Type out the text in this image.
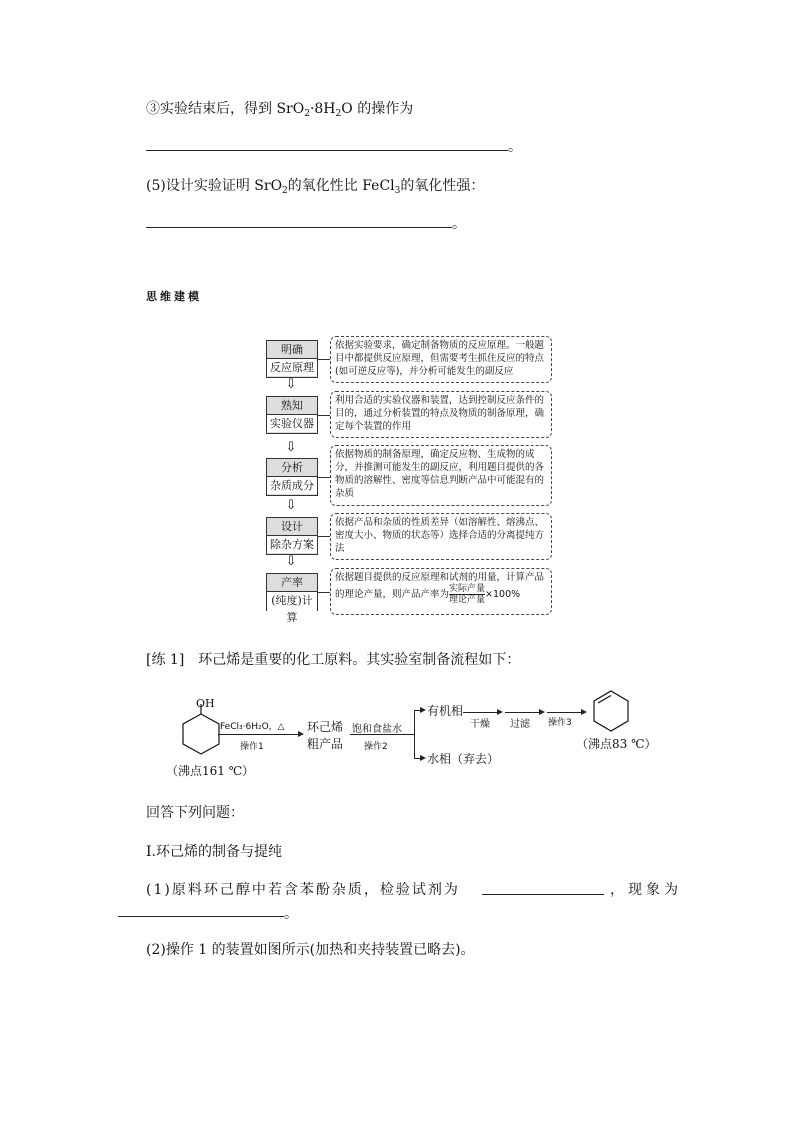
③实验结束后，得到 $SrO_2\cdot 8H_2O$ 的操作为
。
(5)设计实验证明 SrO$_2$的氧化性比 FeCl$_3$的氧化性强：
。
思维建模
明确
反应原理
依据实验要求，确定制备物质的反应原理。一般题目中都提供反应原理，但需要考生抓住反应的特点(如可逆反应等)，并分析可能发生的副反应
⇩
熟知
实验仪器
利用合适的实验仪器和装置，达到控制反应条件的目的，通过分析装置的特点及物质的制备原理，确定每个装置的作用
⇩
分析
杂质成分
依据物质的制备原理，确定反应物、生成物的成分，并推测可能发生的副反应，利用题目提供的各物质的溶解性、密度等信息判断产品中可能混有的杂质
⇩
设计
除杂方案
依据产品和杂质的性质差异（如溶解性、熔沸点、密度大小、物质的状态等）选择合适的分离提纯方法
⇩
产率
(纯度)计算
依据题目提供的反应原理和试剂的用量，计算产品的理论产量，则产品产率为 实际产量
理论产量 ×100%
[练 1]　环己烯是重要的化工原料。其实验室制备流程如下：
OH
（沸点161 ℃）
FeCl₃·6H₂O，△
操作1
环己烯
粗产品
饱和食盐水
操作2
有机相
水相（弃去）
干燥 过滤 操作3
（沸点83 ℃）
回答下列问题：
Ⅰ.环己烯的制备与提纯
(1)原料环己醇中若含苯酚杂质，检验试剂为	，现象为
。
(2)操作 1 的装置如图所示(加热和夹持装置已略去)。
